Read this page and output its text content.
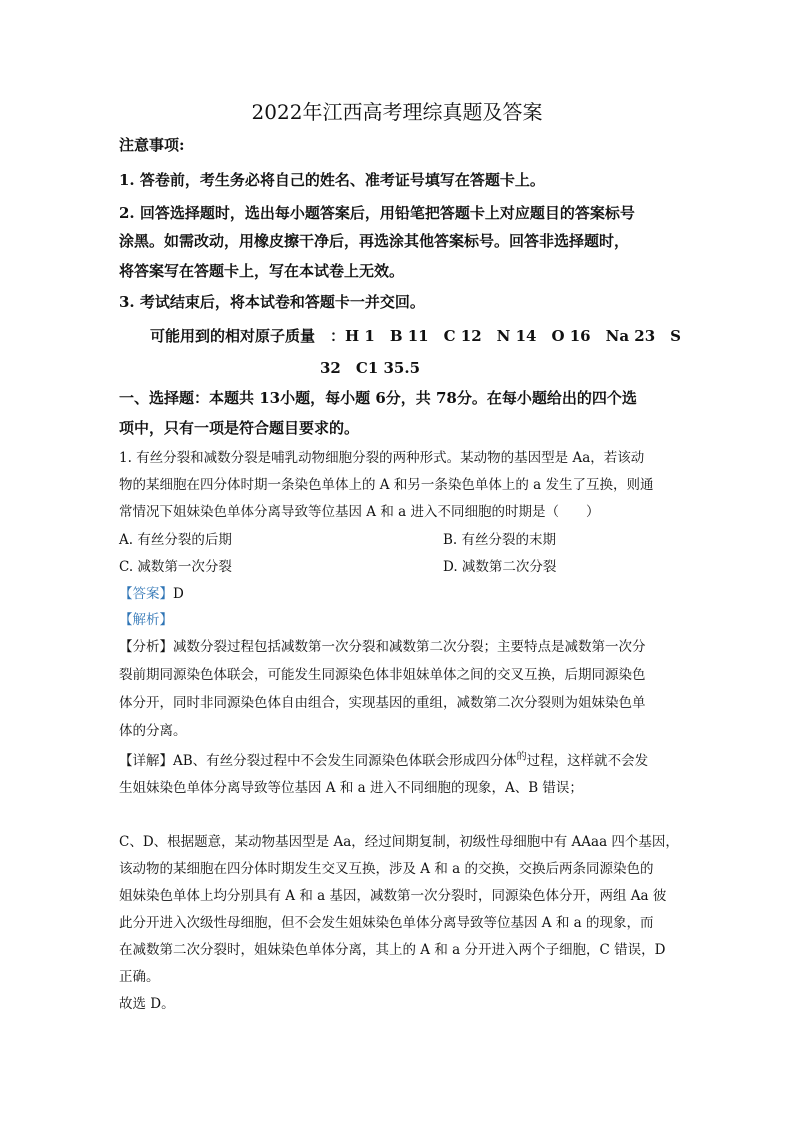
2022年江西高考理综真题及答案
注意事项:
1. 答卷前，考生务必将自己的姓名、准考证号填写在答题卡上。
2. 回答选择题时，选出每小题答案后，用铅笔把答题卡上对应题目的答案标号
涂黑。如需改动，用橡皮擦干净后，再选涂其他答案标号。回答非选择题时，
将答案写在答题卡上，写在本试卷上无效。
3. 考试结束后，将本试卷和答题卡一并交回。
可能用到的相对原子质量　：H 1　B 11　C 12　N 14　O 16　Na 23　S
32　C1 35.5
一、选择题：本题共 13小题，每小题 6分，共 78分。在每小题给出的四个选
项中，只有一项是符合题目要求的。
1. 有丝分裂和减数分裂是哺乳动物细胞分裂的两种形式。某动物的基因型是 Aa，若该动
物的某细胞在四分体时期一条染色单体上的 A 和另一条染色单体上的 a 发生了互换，则通
常情况下姐妹染色单体分离导致等位基因 A 和 a 进入不同细胞的时期是（　　）
A. 有丝分裂的后期	B. 有丝分裂的末期
C. 减数第一次分裂	D. 减数第二次分裂
【答案】D
【解析】
【分析】减数分裂过程包括减数第一次分裂和减数第二次分裂；主要特点是减数第一次分
裂前期同源染色体联会，可能发生同源染色体非姐妹单体之间的交叉互换，后期同源染色
体分开，同时非同源染色体自由组合，实现基因的重组，减数第二次分裂则为姐妹染色单
体的分离。
【详解】AB、有丝分裂过程中不会发生同源染色体联会形成四分体$^的$过程，这样就不会发
生姐妹染色单体分离导致等位基因 A 和 a 进入不同细胞的现象，A、B 错误；
C、D、根据题意，某动物基因型是 Aa，经过间期复制，初级性母细胞中有 AAaa 四个基因，
该动物的某细胞在四分体时期发生交叉互换，涉及 A 和 a 的交换，交换后两条同源染色的
姐妹染色单体上均分别具有 A 和 a 基因，减数第一次分裂时，同源染色体分开，两组 Aa 彼
此分开进入次级性母细胞，但不会发生姐妹染色单体分离导致等位基因 A 和 a 的现象，而
在减数第二次分裂时，姐妹染色单体分离，其上的 A 和 a 分开进入两个子细胞，C 错误，D
正确。
故选 D。
